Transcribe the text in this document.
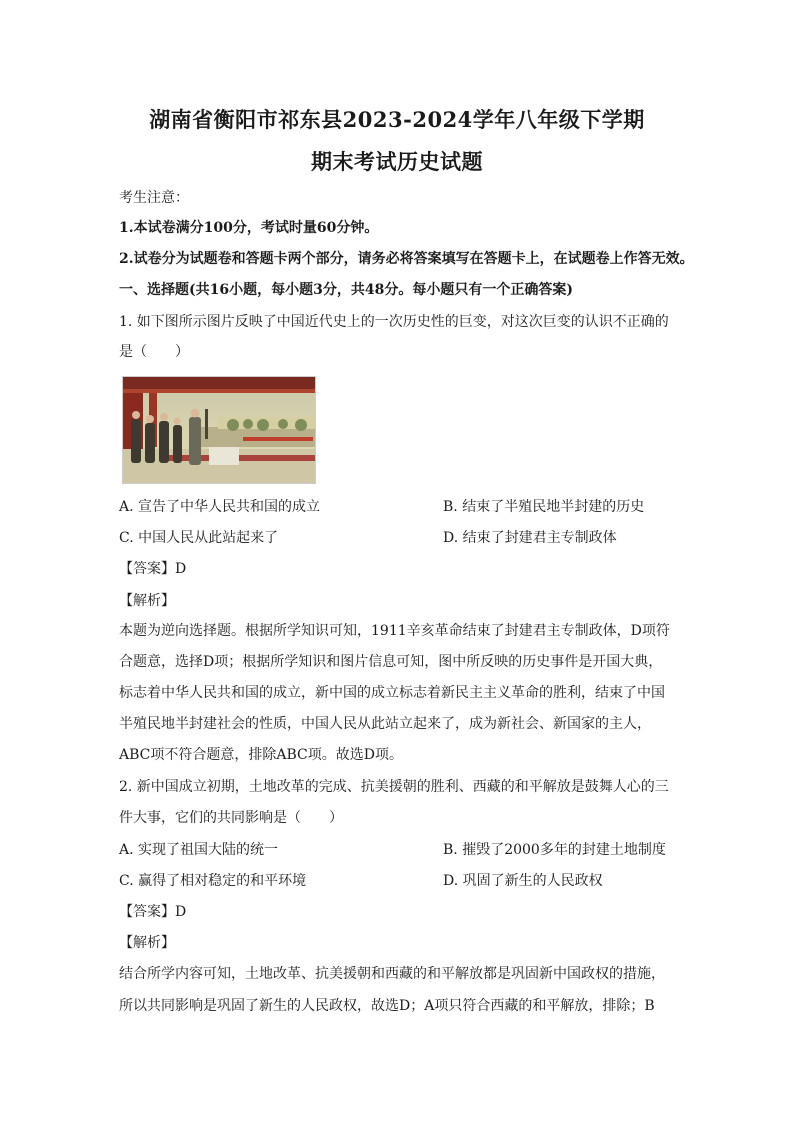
湖南省衡阳市祁东县2023-2024学年八年级下学期
期末考试历史试题
考生注意：
1.本试卷满分100分，考试时量60分钟。
2.试卷分为试题卷和答题卡两个部分，请务必将答案填写在答题卡上，在试题卷上作答无效。
一、选择题(共16小题，每小题3分，共48分。每小题只有一个正确答案)
1. 如下图所示图片反映了中国近代史上的一次历史性的巨变，对这次巨变的认识不正确的
是（　　）
A. 宣告了中华人民共和国的成立	B. 结束了半殖民地半封建的历史
C. 中国人民从此站起来了	D. 结束了封建君主专制政体
【答案】D
【解析】
本题为逆向选择题。根据所学知识可知，1911辛亥革命结束了封建君主专制政体，D项符
合题意，选择D项；根据所学知识和图片信息可知，图中所反映的历史事件是开国大典，
标志着中华人民共和国的成立，新中国的成立标志着新民主主义革命的胜利，结束了中国
半殖民地半封建社会的性质，中国人民从此站立起来了，成为新社会、新国家的主人，
ABC项不符合题意，排除ABC项。故选D项。
2. 新中国成立初期，土地改革的完成、抗美援朝的胜利、西藏的和平解放是鼓舞人心的三
件大事，它们的共同影响是（　　）
A. 实现了祖国大陆的统一	B. 摧毁了2000多年的封建土地制度
C. 赢得了相对稳定的和平环境	D. 巩固了新生的人民政权
【答案】D
【解析】
结合所学内容可知，土地改革、抗美援朝和西藏的和平解放都是巩固新中国政权的措施，
所以共同影响是巩固了新生的人民政权，故选D；A项只符合西藏的和平解放，排除；B
